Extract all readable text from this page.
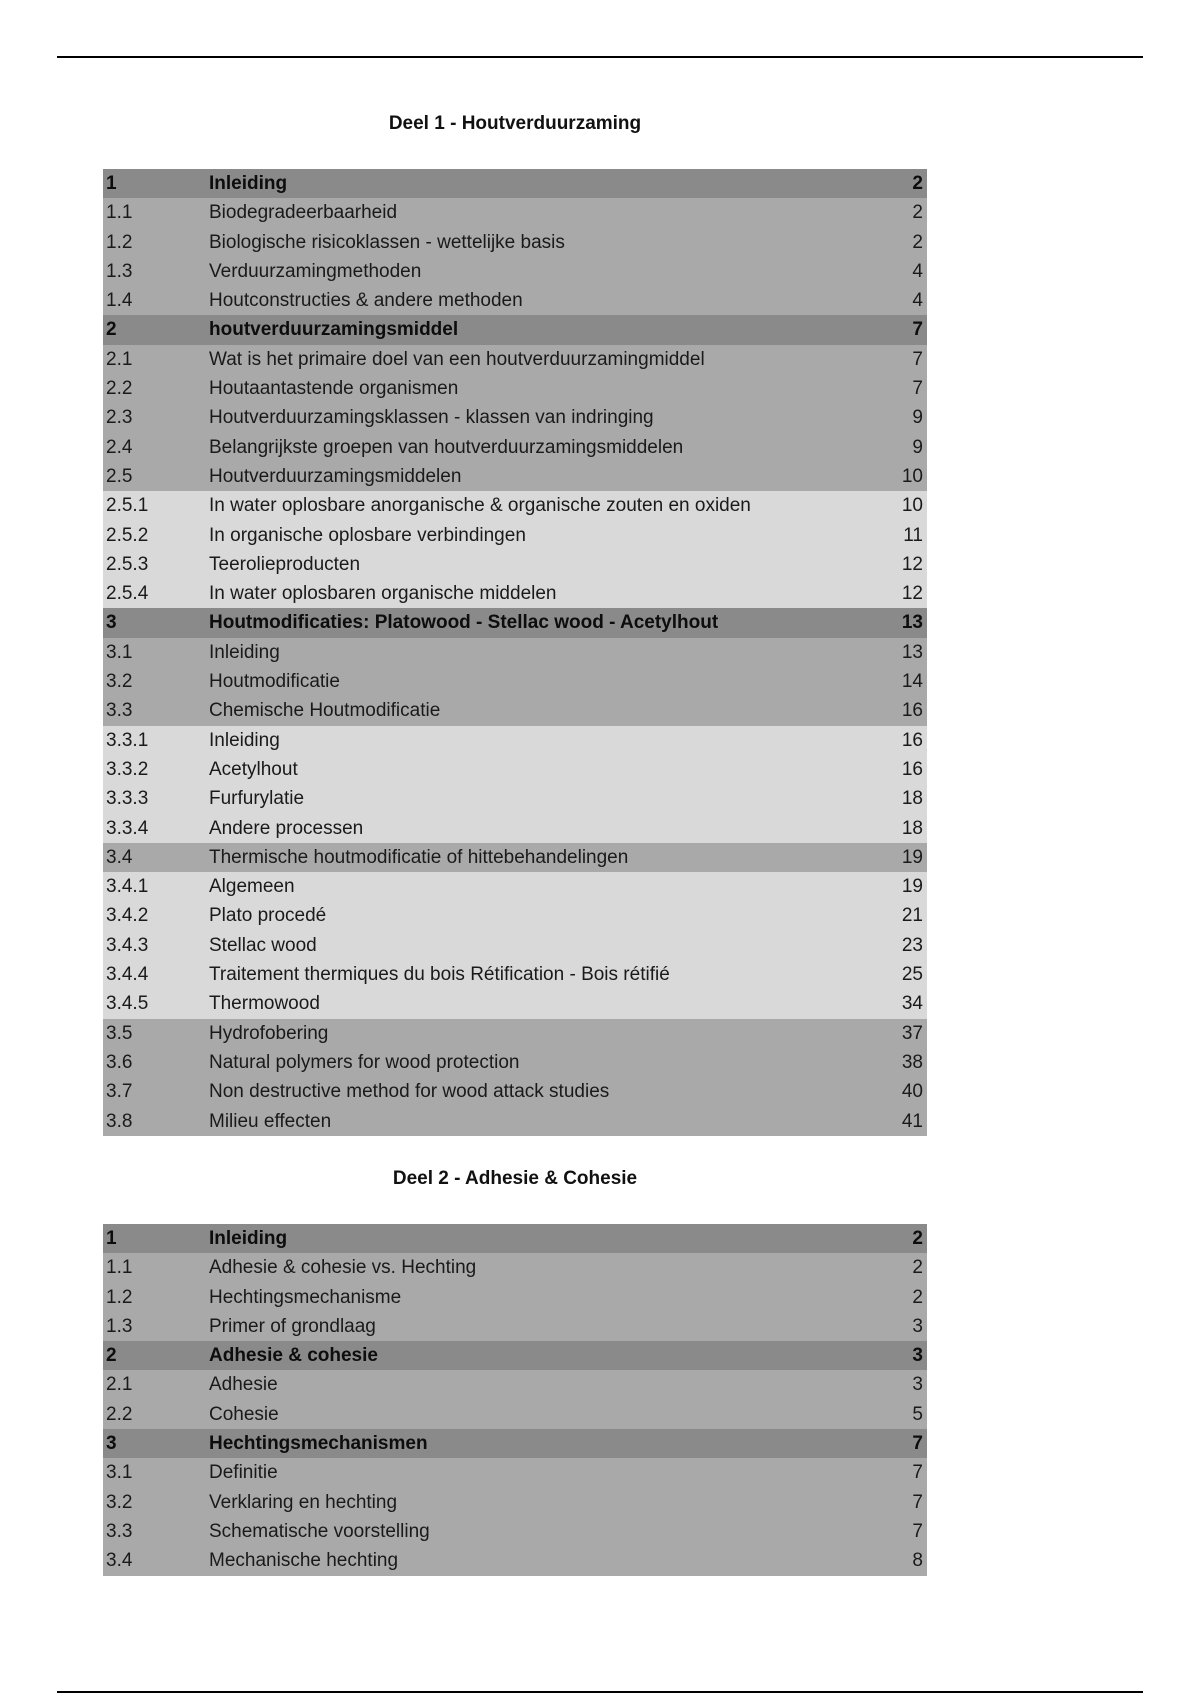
Deel 1 - Houtverduurzaming
1	Inleiding	2
1.1	Biodegradeerbaarheid	2
1.2	Biologische risicoklassen - wettelijke basis	2
1.3	Verduurzamingmethoden	4
1.4	Houtconstructies & andere methoden	4
2	houtverduurzamingsmiddel	7
2.1	Wat is het primaire doel van een houtverduurzamingmiddel	7
2.2	Houtaantastende organismen	7
2.3	Houtverduurzamingsklassen - klassen van indringing	9
2.4	Belangrijkste groepen van houtverduurzamingsmiddelen	9
2.5	Houtverduurzamingsmiddelen	10
2.5.1	In water oplosbare anorganische & organische zouten en oxiden	10
2.5.2	In organische oplosbare verbindingen	11
2.5.3	Teerolieproducten	12
2.5.4	In water oplosbaren organische middelen	12
3	Houtmodificaties: Platowood - Stellac wood - Acetylhout	13
3.1	Inleiding	13
3.2	Houtmodificatie	14
3.3	Chemische Houtmodificatie	16
3.3.1	Inleiding	16
3.3.2	Acetylhout	16
3.3.3	Furfurylatie	18
3.3.4	Andere processen	18
3.4	Thermische houtmodificatie of hittebehandelingen	19
3.4.1	Algemeen	19
3.4.2	Plato procedé	21
3.4.3	Stellac wood	23
3.4.4	Traitement thermiques du bois Rétification - Bois rétifié	25
3.4.5	Thermowood	34
3.5	Hydrofobering	37
3.6	Natural polymers for wood protection	38
3.7	Non destructive method for wood attack studies	40
3.8	Milieu effecten	41
Deel 2 - Adhesie & Cohesie
1	Inleiding	2
1.1	Adhesie & cohesie vs. Hechting	2
1.2	Hechtingsmechanisme	2
1.3	Primer of grondlaag	3
2	Adhesie & cohesie	3
2.1	Adhesie	3
2.2	Cohesie	5
3	Hechtingsmechanismen	7
3.1	Definitie	7
3.2	Verklaring en hechting	7
3.3	Schematische voorstelling	7
3.4	Mechanische hechting	8
